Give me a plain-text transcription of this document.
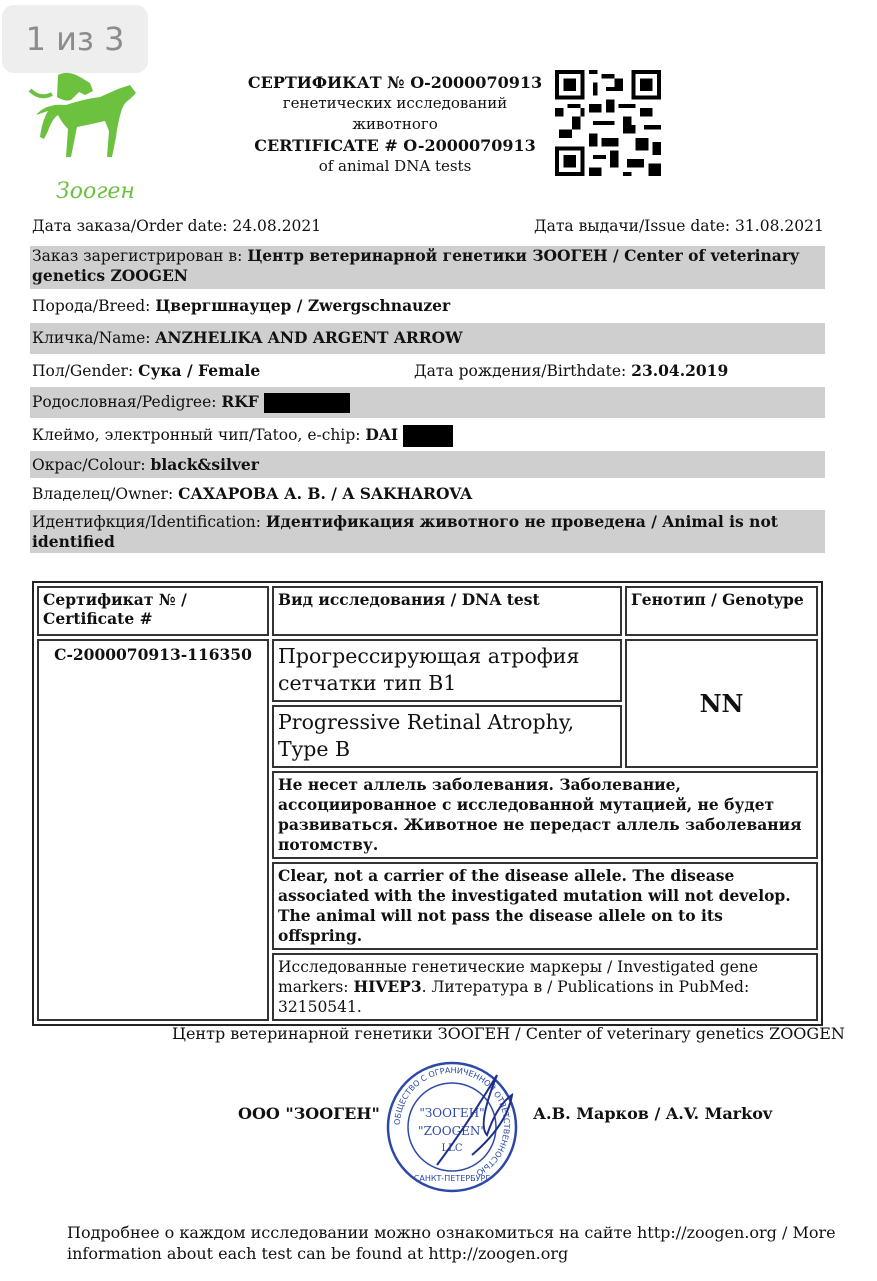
1 из 3
Зооген
СЕРТИФИКАТ № О-2000070913
генетических исследований
животного
CERTIFICATE # O-2000070913
of animal DNA tests
Дата заказа/Order date: 24.08.2021	Дата выдачи/Issue date: 31.08.2021
Заказ зарегистрирован в: Центр ветеринарной генетики ЗООГЕН / Center of veterinary genetics ZOOGEN
Порода/Breed: Цвергшнауцер / Zwergschnauzer
Кличка/Name: ANZHELIKA AND ARGENT ARROW
Пол/Gender: Сука / Female	Дата рождения/Birthdate: 23.04.2019
Родословная/Pedigree: RKF
Клеймо, электронный чип/Tatoo, e-chip: DAI
Окрас/Colour: black&silver
Владелец/Owner: САХАРОВА А. В. / A SAKHAROVA
Идентифкция/Identification: Идентификация животного не проведена / Animal is not identified
Сертификат № / Certificate #	Вид исследования / DNA test	Генотип / Genotype
C-2000070913-116350	Прогрессирующая атрофия сетчатки тип B1	NN
	Progressive Retinal Atrophy, Type B	
	Не несет аллель заболевания. Заболевание, ассоциированное с исследованной мутацией, не будет развиваться. Животное не передаст аллель заболевания потомству.	
	Clear, not a carrier of the disease allele. The disease associated with the investigated mutation will not develop. The animal will not pass the disease allele on to its offspring.	
	Исследованные генетические маркеры / Investigated gene markers: HIVEP3. Литература в / Publications in PubMed: 32150541.	
Центр ветеринарной генетики ЗООГЕН / Center of veterinary genetics ZOOGEN
ООО "ЗООГЕН" ОБЩЕСТВО С ОГРАНИЧЕННОЙ ОТВЕТСТВЕННОСТЬЮ
"ЗООГЕН"
"ZOOGEN"
LLC
САНКТ-ПЕТЕРБУРГ
А.В. Марков / A.V. Markov
Подробнее о каждом исследовании можно ознакомиться на сайте http://zoogen.org / More information about each test can be found at http://zoogen.org
